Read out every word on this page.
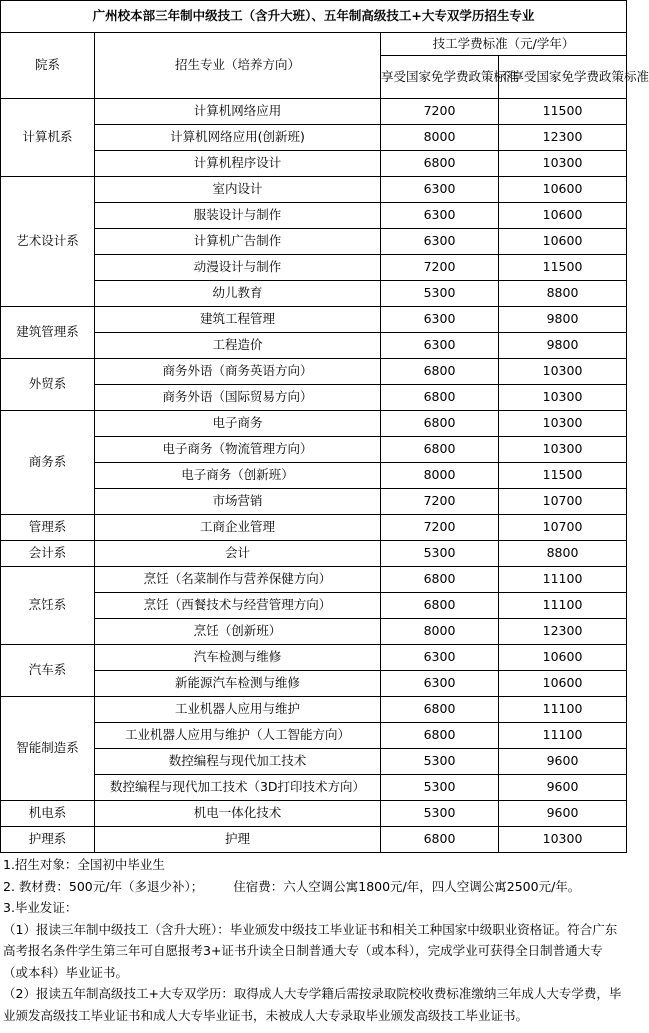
广州校本部三年制中级技工（含升大班）、五年制高级技工+大专双学历招生专业			
院系	招生专业（培养方向）	技工学费标准（元/学年）	
		享受国家免学费政策标准	不享受国家免学费政策标准
计算机系	计算机网络应用	7200	11500
	计算机网络应用(创新班)	8000	12300
	计算机程序设计	6800	10300
艺术设计系	室内设计	6300	10600
	服装设计与制作	6300	10600
	计算机广告制作	6300	10600
	动漫设计与制作	7200	11500
	幼儿教育	5300	8800
建筑管理系	建筑工程管理	6300	9800
	工程造价	6300	9800
外贸系	商务外语（商务英语方向）	6800	10300
	商务外语（国际贸易方向）	6800	10300
商务系	电子商务	6800	10300
	电子商务（物流管理方向）	6800	10300
	电子商务（创新班）	8000	11500
	市场营销	7200	10700
管理系	工商企业管理	7200	10700
会计系	会计	5300	8800
烹饪系	烹饪（名菜制作与营养保健方向）	6800	11100
	烹饪（西餐技术与经营管理方向）	6800	11100
	烹饪（创新班）	8000	12300
汽车系	汽车检测与维修	6300	10600
	新能源汽车检测与维修	6300	10600
智能制造系	工业机器人应用与维护	6800	11100
	工业机器人应用与维护（人工智能方向）	6800	11100
	数控编程与现代加工技术	5300	9600
	数控编程与现代加工技术（3D打印技术方向）	5300	9600
机电系	机电一体化技术	5300	9600
护理系	护理	6800	10300

1.招生对象：全国初中毕业生

2. 教材费：500元/年（多退少补）； 住宿费：六人空调公寓1800元/年，四人空调公寓2500元/年。

3.毕业发证：

（1）报读三年制中级技工（含升大班）：毕业颁发中级技工毕业证书和相关工种国家中级职业资格证。符合广东高考报名条件学生第三年可自愿报考3+证书升读全日制普通大专（或本科），完成学业可获得全日制普通大专（或本科）毕业证书。

（2）报读五年制高级技工+大专双学历：取得成人大专学籍后需按录取院校收费标准缴纳三年成人大专学费，毕业颁发高级技工毕业证书和成人大专毕业证书，未被成人大专录取毕业颁发高级技工毕业证书。
